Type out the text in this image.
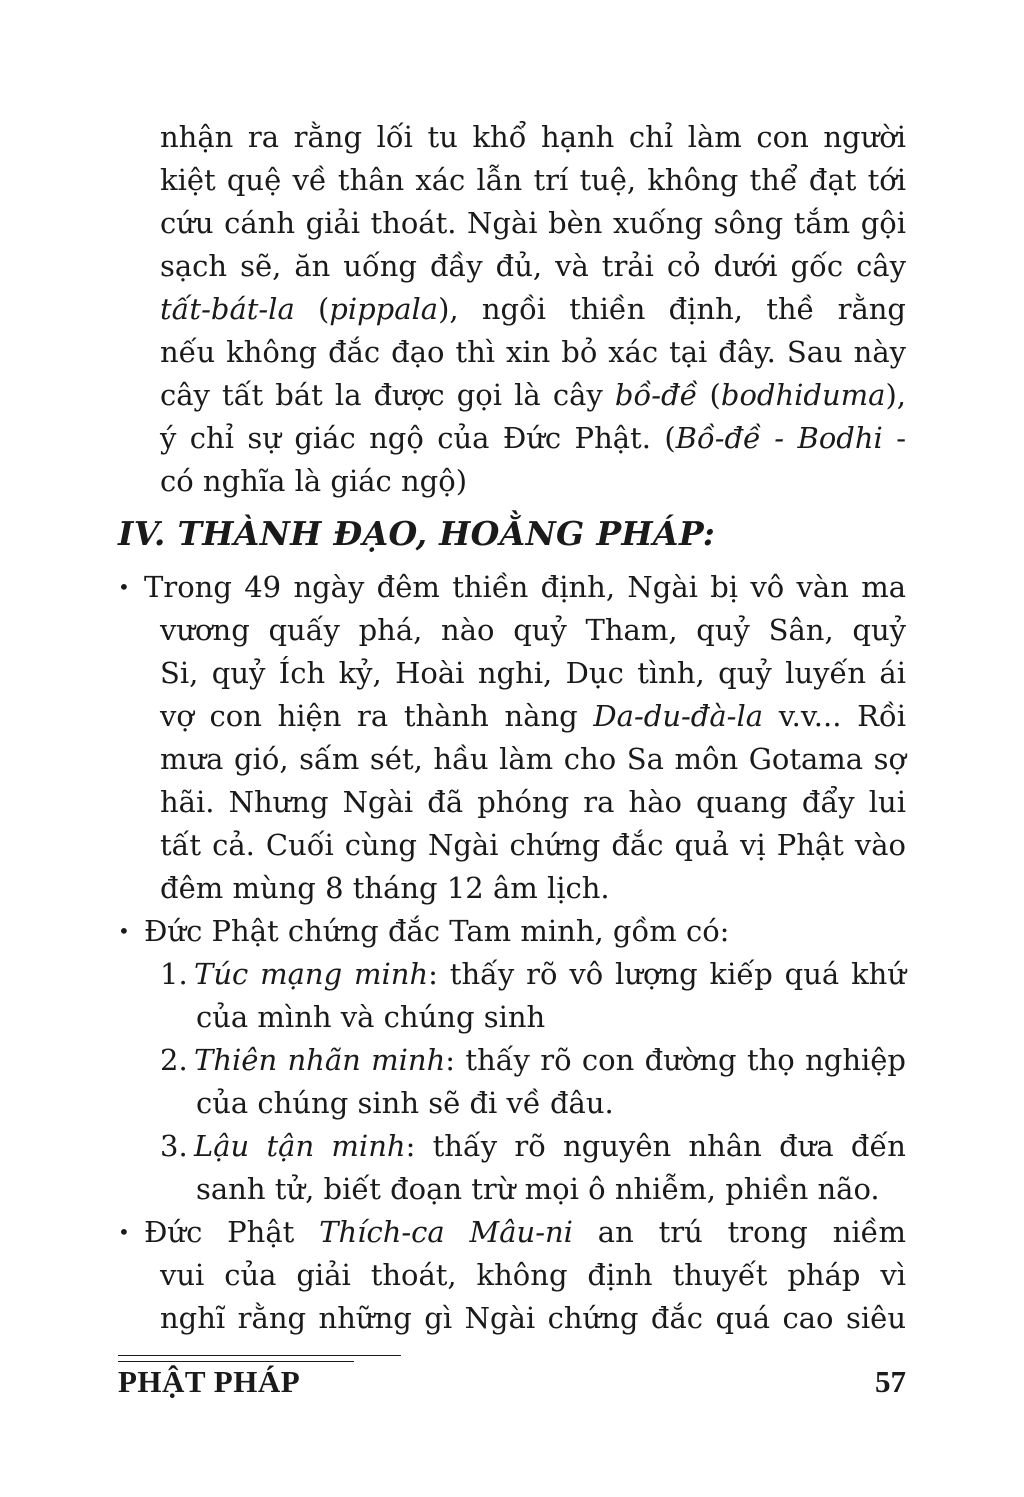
nhận ra rằng lối tu khổ hạnh chỉ làm con người
kiệt quệ về thân xác lẫn trí tuệ, không thể đạt tới
cứu cánh giải thoát. Ngài bèn xuống sông tắm gội
sạch sẽ, ăn uống đầy đủ, và trải cỏ dưới gốc cây
tất-bát-la (pippala), ngồi thiền định, thề rằng
nếu không đắc đạo thì xin bỏ xác tại đây. Sau này
cây tất bát la được gọi là cây bồ-đề (bodhiduma),
ý chỉ sự giác ngộ của Đức Phật. (Bồ-đề - Bodhi -
có nghĩa là giác ngộ)
IV. THÀNH ĐẠO, HOẰNG PHÁP:
• Trong 49 ngày đêm thiền định, Ngài bị vô vàn ma
vương quấy phá, nào quỷ Tham, quỷ Sân, quỷ
Si, quỷ Ích kỷ, Hoài nghi, Dục tình, quỷ luyến ái
vợ con hiện ra thành nàng Da-du-đà-la v.v... Rồi
mưa gió, sấm sét, hầu làm cho Sa môn Gotama sợ
hãi. Nhưng Ngài đã phóng ra hào quang đẩy lui
tất cả. Cuối cùng Ngài chứng đắc quả vị Phật vào
đêm mùng 8 tháng 12 âm lịch.
• Đức Phật chứng đắc Tam minh, gồm có:
1. Túc mạng minh: thấy rõ vô lượng kiếp quá khứ
của mình và chúng sinh
2. Thiên nhãn minh: thấy rõ con đường thọ nghiệp
của chúng sinh sẽ đi về đâu.
3. Lậu tận minh: thấy rõ nguyên nhân đưa đến
sanh tử, biết đoạn trừ mọi ô nhiễm, phiền não.
• Đức Phật Thích-ca Mâu-ni an trú trong niềm
vui của giải thoát, không định thuyết pháp vì
nghĩ rằng những gì Ngài chứng đắc quá cao siêu
PHẬT PHÁP	57
